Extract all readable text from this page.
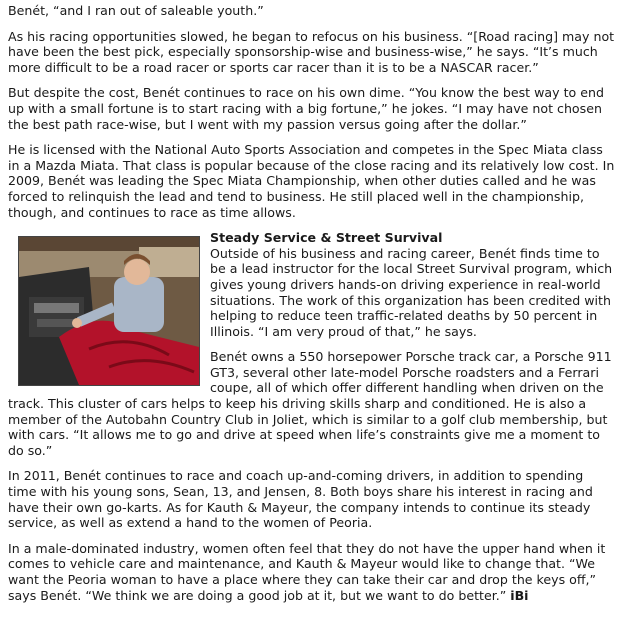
Benét, “and I ran out of saleable youth.”

As his racing opportunities slowed, he began to refocus on his business. “[Road racing] may not have been the best pick, especially sponsorship-wise and business-wise,” he says. “It’s much more difficult to be a road racer or sports car racer than it is to be a NASCAR racer.”

But despite the cost, Benét continues to race on his own dime. “You know the best way to end up with a small fortune is to start racing with a big fortune,” he jokes. “I may have not chosen the best path race-wise, but I went with my passion versus going after the dollar.”

He is licensed with the National Auto Sports Association and competes in the Spec Miata class in a Mazda Miata. That class is popular because of the close racing and its relatively low cost. In 2009, Benét was leading the Spec Miata Championship, when other duties called and he was forced to relinquish the lead and tend to business. He still placed well in the championship, though, and continues to race as time allows.

Steady Service & Street Survival

Outside of his business and racing career, Benét finds time to be a lead instructor for the local Street Survival program, which gives young drivers hands-on driving experience in real-world situations. The work of this organization has been credited with helping to reduce teen traffic-related deaths by 50 percent in Illinois. “I am very proud of that,” he says.

Benét owns a 550 horsepower Porsche track car, a Porsche 911 GT3, several other late-model Porsche roadsters and a Ferrari coupe, all of which offer different handling when driven on the track. This cluster of cars helps to keep his driving skills sharp and conditioned. He is also a member of the Autobahn Country Club in Joliet, which is similar to a golf club membership, but with cars. “It allows me to go and drive at speed when life’s constraints give me a moment to do so.”

In 2011, Benét continues to race and coach up-and-coming drivers, in addition to spending time with his young sons, Sean, 13, and Jensen, 8. Both boys share his interest in racing and have their own go-karts. As for Kauth & Mayeur, the company intends to continue its steady service, as well as extend a hand to the women of Peoria.

In a male-dominated industry, women often feel that they do not have the upper hand when it comes to vehicle care and maintenance, and Kauth & Mayeur would like to change that. “We want the Peoria woman to have a place where they can take their car and drop the keys off,” says Benét. “We think we are doing a good job at it, but we want to do better.” iBi
